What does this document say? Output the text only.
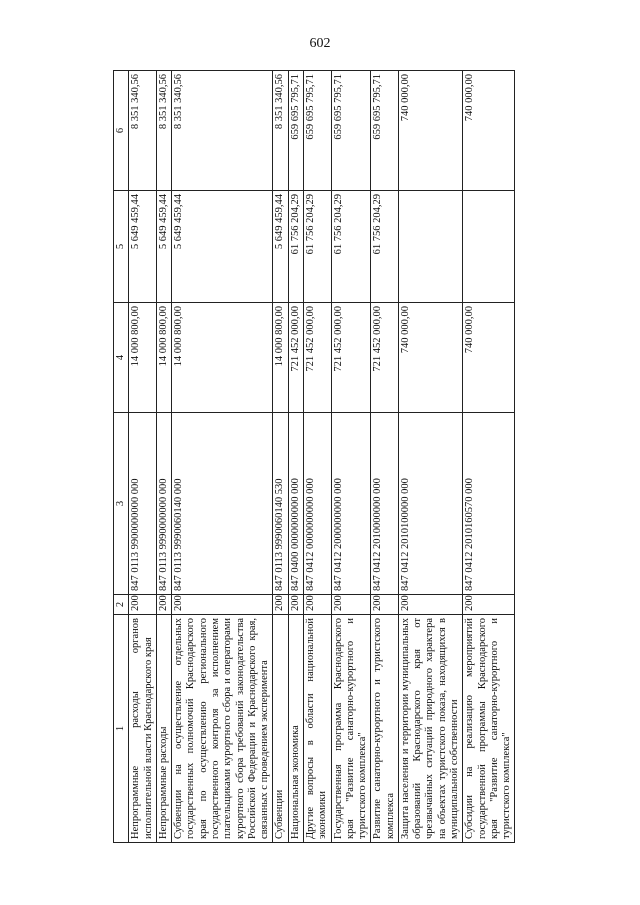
602
1	2	3	4	5	6
Непрограммные расходы органов исполнительной власти Краснодарского края	200	847 0113 9900000000 000	14 000 800,00	5 649 459,44	8 351 340,56
Непрограммные расходы	200	847 0113 9990000000 000	14 000 800,00	5 649 459,44	8 351 340,56
Субвенции на осуществление отдельных государственных полномочий Краснодарского края по осуществлению регионального государственного контроля за исполнением плательщиками курортного сбора и операторами курортного сбора требований законодательства Российской Федерации и Краснодарского края, связанных с проведением эксперимента	200	847 0113 9990060140 000	14 000 800,00	5 649 459,44	8 351 340,56
Субвенции	200	847 0113 9990060140 530	14 000 800,00	5 649 459,44	8 351 340,56
Национальная экономика	200	847 0400 0000000000 000	721 452 000,00	61 756 204,29	659 695 795,71
Другие вопросы в области национальной экономики	200	847 0412 0000000000 000	721 452 000,00	61 756 204,29	659 695 795,71
Государственная программа Краснодарского края "Развитие санаторно-курортного и туристского комплекса"	200	847 0412 2000000000 000	721 452 000,00	61 756 204,29	659 695 795,71
Развитие санаторно-курортного и туристского комплекса	200	847 0412 2010000000 000	721 452 000,00	61 756 204,29	659 695 795,71
Защита населения и территории муниципальных образований Краснодарского края от чрезвычайных ситуаций природного характера на объектах туристского показа, находящихся в муниципальной собственности	200	847 0412 2010100000 000	740 000,00		740 000,00
Субсидии на реализацию мероприятий государственной программы Краснодарского края "Развитие санаторно-курортного и туристского комплекса"	200	847 0412 2010160570 000	740 000,00		740 000,00
